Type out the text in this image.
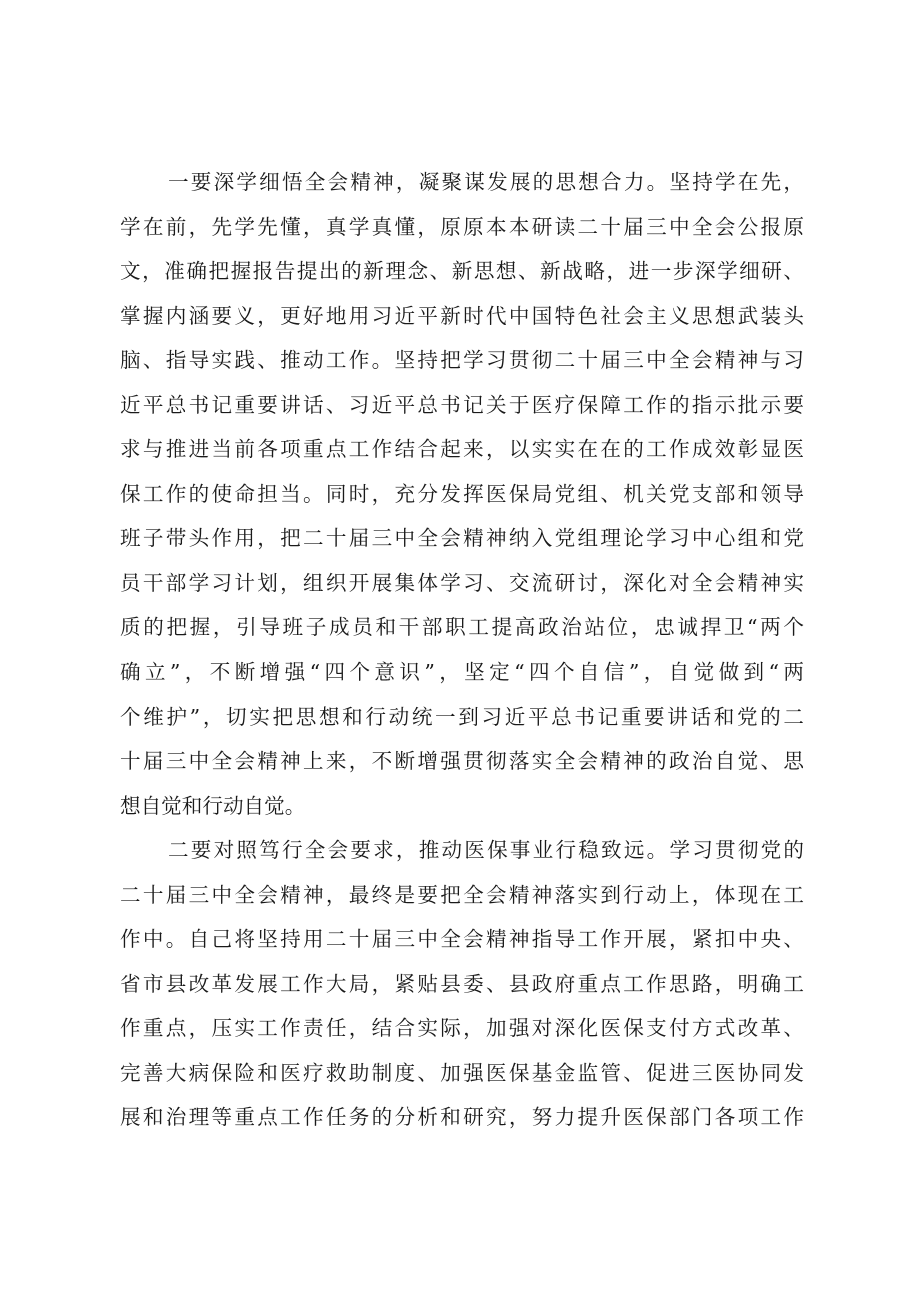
一要深学细悟全会精神，凝聚谋发展的思想合力。坚持学在先，
学在前，先学先懂，真学真懂，原原本本研读二十届三中全会公报原
文，准确把握报告提出的新理念、新思想、新战略，进一步深学细研、
掌握内涵要义，更好地用习近平新时代中国特色社会主义思想武装头
脑、指导实践、推动工作。坚持把学习贯彻二十届三中全会精神与习
近平总书记重要讲话、习近平总书记关于医疗保障工作的指示批示要
求与推进当前各项重点工作结合起来，以实实在在的工作成效彰显医
保工作的使命担当。同时，充分发挥医保局党组、机关党支部和领导
班子带头作用，把二十届三中全会精神纳入党组理论学习中心组和党
员干部学习计划，组织开展集体学习、交流研讨，深化对全会精神实
质的把握，引导班子成员和干部职工提高政治站位，忠诚捍卫“两个
确立”，不断增强“四个意识”，坚定“四个自信”，自觉做到“两
个维护”，切实把思想和行动统一到习近平总书记重要讲话和党的二
十届三中全会精神上来，不断增强贯彻落实全会精神的政治自觉、思
想自觉和行动自觉。
二要对照笃行全会要求，推动医保事业行稳致远。学习贯彻党的
二十届三中全会精神，最终是要把全会精神落实到行动上，体现在工
作中。自己将坚持用二十届三中全会精神指导工作开展，紧扣中央、
省市县改革发展工作大局，紧贴县委、县政府重点工作思路，明确工
作重点，压实工作责任，结合实际，加强对深化医保支付方式改革、
完善大病保险和医疗救助制度、加强医保基金监管、促进三医协同发
展和治理等重点工作任务的分析和研究，努力提升医保部门各项工作
